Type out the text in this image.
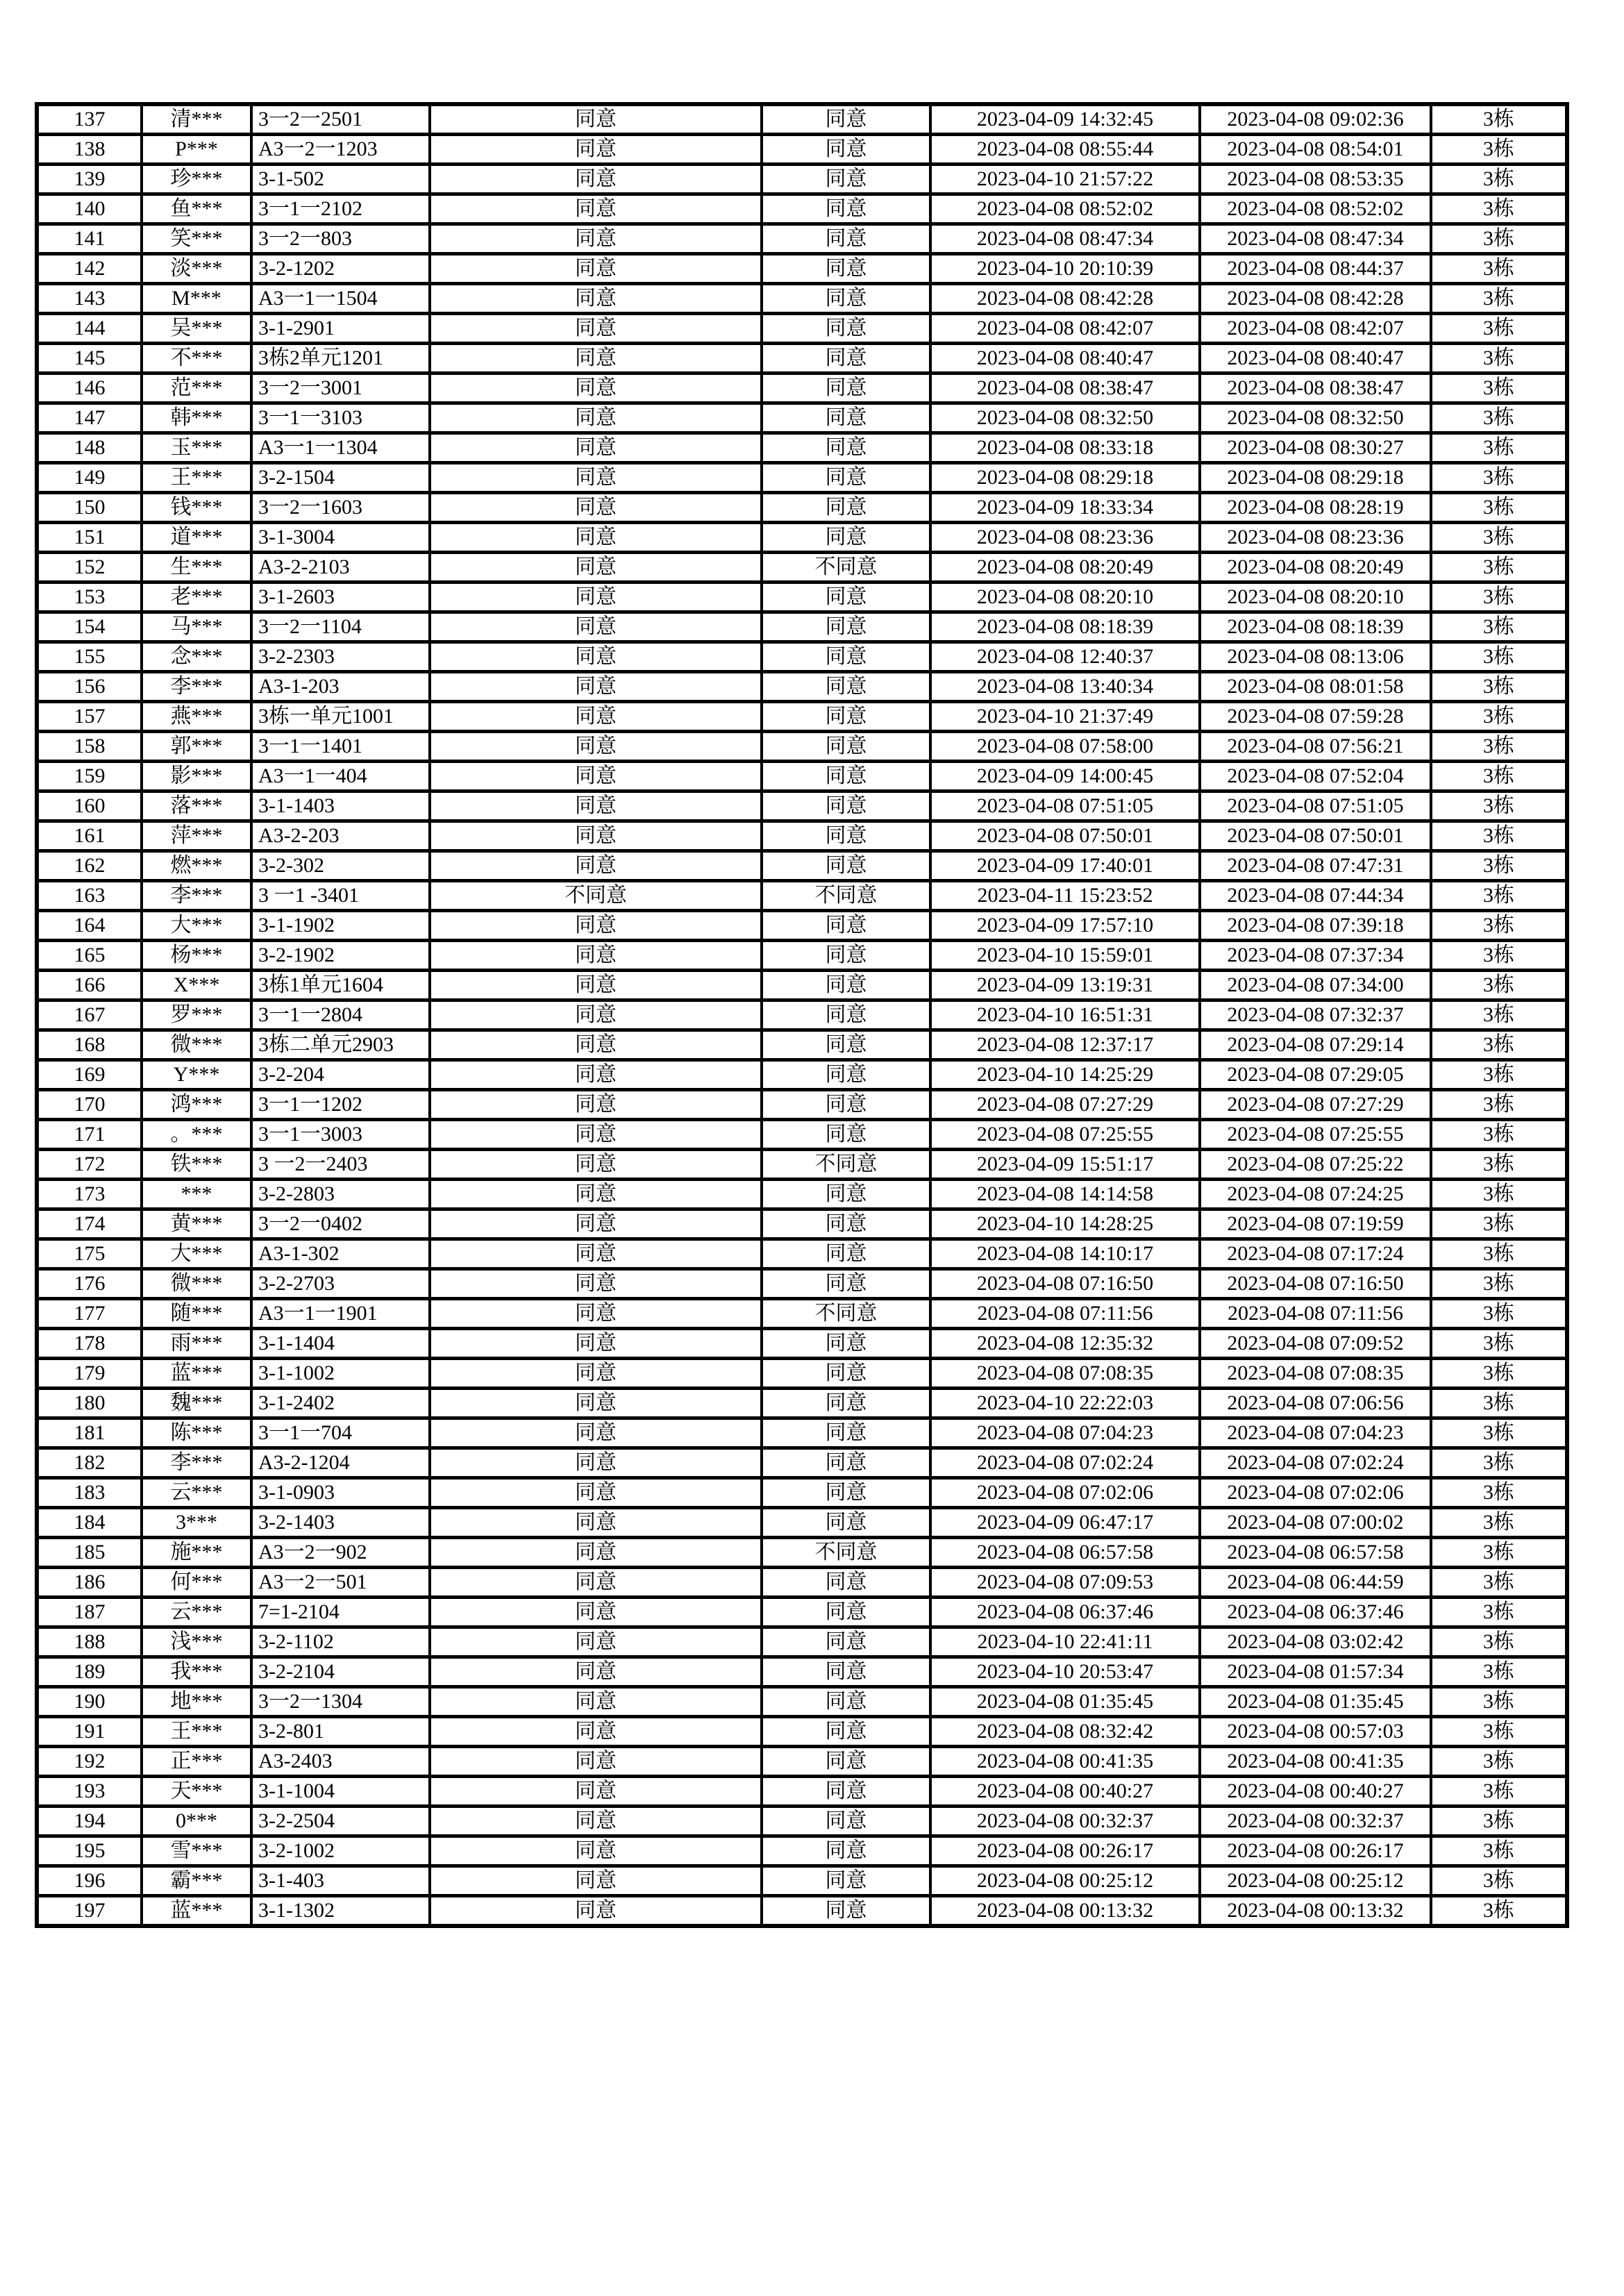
137	清***	3一2一2501	同意	同意	2023-04-09 14:32:45	2023-04-08 09:02:36	3栋
138	P***	A3一2一1203	同意	同意	2023-04-08 08:55:44	2023-04-08 08:54:01	3栋
139	珍***	3-1-502	同意	同意	2023-04-10 21:57:22	2023-04-08 08:53:35	3栋
140	鱼***	3一1一2102	同意	同意	2023-04-08 08:52:02	2023-04-08 08:52:02	3栋
141	笑***	3一2一803	同意	同意	2023-04-08 08:47:34	2023-04-08 08:47:34	3栋
142	淡***	3-2-1202	同意	同意	2023-04-10 20:10:39	2023-04-08 08:44:37	3栋
143	M***	A3一1一1504	同意	同意	2023-04-08 08:42:28	2023-04-08 08:42:28	3栋
144	吴***	3-1-2901	同意	同意	2023-04-08 08:42:07	2023-04-08 08:42:07	3栋
145	不***	3栋2单元1201	同意	同意	2023-04-08 08:40:47	2023-04-08 08:40:47	3栋
146	范***	3一2一3001	同意	同意	2023-04-08 08:38:47	2023-04-08 08:38:47	3栋
147	韩***	3一1一3103	同意	同意	2023-04-08 08:32:50	2023-04-08 08:32:50	3栋
148	玉***	A3一1一1304	同意	同意	2023-04-08 08:33:18	2023-04-08 08:30:27	3栋
149	王***	3-2-1504	同意	同意	2023-04-08 08:29:18	2023-04-08 08:29:18	3栋
150	钱***	3一2一1603	同意	同意	2023-04-09 18:33:34	2023-04-08 08:28:19	3栋
151	道***	3-1-3004	同意	同意	2023-04-08 08:23:36	2023-04-08 08:23:36	3栋
152	生***	A3-2-2103	同意	不同意	2023-04-08 08:20:49	2023-04-08 08:20:49	3栋
153	老***	3-1-2603	同意	同意	2023-04-08 08:20:10	2023-04-08 08:20:10	3栋
154	马***	3一2一1104	同意	同意	2023-04-08 08:18:39	2023-04-08 08:18:39	3栋
155	念***	3-2-2303	同意	同意	2023-04-08 12:40:37	2023-04-08 08:13:06	3栋
156	李***	A3-1-203	同意	同意	2023-04-08 13:40:34	2023-04-08 08:01:58	3栋
157	燕***	3栋一单元1001	同意	同意	2023-04-10 21:37:49	2023-04-08 07:59:28	3栋
158	郭***	3一1一1401	同意	同意	2023-04-08 07:58:00	2023-04-08 07:56:21	3栋
159	影***	A3一1一404	同意	同意	2023-04-09 14:00:45	2023-04-08 07:52:04	3栋
160	落***	3-1-1403	同意	同意	2023-04-08 07:51:05	2023-04-08 07:51:05	3栋
161	萍***	A3-2-203	同意	同意	2023-04-08 07:50:01	2023-04-08 07:50:01	3栋
162	燃***	3-2-302	同意	同意	2023-04-09 17:40:01	2023-04-08 07:47:31	3栋
163	李***	3 一1 -3401	不同意	不同意	2023-04-11 15:23:52	2023-04-08 07:44:34	3栋
164	大***	3-1-1902	同意	同意	2023-04-09 17:57:10	2023-04-08 07:39:18	3栋
165	杨***	3-2-1902	同意	同意	2023-04-10 15:59:01	2023-04-08 07:37:34	3栋
166	X***	3栋1单元1604	同意	同意	2023-04-09 13:19:31	2023-04-08 07:34:00	3栋
167	罗***	3一1一2804	同意	同意	2023-04-10 16:51:31	2023-04-08 07:32:37	3栋
168	微***	3栋二单元2903	同意	同意	2023-04-08 12:37:17	2023-04-08 07:29:14	3栋
169	Y***	3-2-204	同意	同意	2023-04-10 14:25:29	2023-04-08 07:29:05	3栋
170	鸿***	3一1一1202	同意	同意	2023-04-08 07:27:29	2023-04-08 07:27:29	3栋
171	。***	3一1一3003	同意	同意	2023-04-08 07:25:55	2023-04-08 07:25:55	3栋
172	铁***	3 一2一2403	同意	不同意	2023-04-09 15:51:17	2023-04-08 07:25:22	3栋
173	***	3-2-2803	同意	同意	2023-04-08 14:14:58	2023-04-08 07:24:25	3栋
174	黄***	3一2一0402	同意	同意	2023-04-10 14:28:25	2023-04-08 07:19:59	3栋
175	大***	A3-1-302	同意	同意	2023-04-08 14:10:17	2023-04-08 07:17:24	3栋
176	微***	3-2-2703	同意	同意	2023-04-08 07:16:50	2023-04-08 07:16:50	3栋
177	随***	A3一1一1901	同意	不同意	2023-04-08 07:11:56	2023-04-08 07:11:56	3栋
178	雨***	3-1-1404	同意	同意	2023-04-08 12:35:32	2023-04-08 07:09:52	3栋
179	蓝***	3-1-1002	同意	同意	2023-04-08 07:08:35	2023-04-08 07:08:35	3栋
180	魏***	3-1-2402	同意	同意	2023-04-10 22:22:03	2023-04-08 07:06:56	3栋
181	陈***	3一1一704	同意	同意	2023-04-08 07:04:23	2023-04-08 07:04:23	3栋
182	李***	A3-2-1204	同意	同意	2023-04-08 07:02:24	2023-04-08 07:02:24	3栋
183	云***	3-1-0903	同意	同意	2023-04-08 07:02:06	2023-04-08 07:02:06	3栋
184	3***	3-2-1403	同意	同意	2023-04-09 06:47:17	2023-04-08 07:00:02	3栋
185	施***	A3一2一902	同意	不同意	2023-04-08 06:57:58	2023-04-08 06:57:58	3栋
186	何***	A3一2一501	同意	同意	2023-04-08 07:09:53	2023-04-08 06:44:59	3栋
187	云***	7=1-2104	同意	同意	2023-04-08 06:37:46	2023-04-08 06:37:46	3栋
188	浅***	3-2-1102	同意	同意	2023-04-10 22:41:11	2023-04-08 03:02:42	3栋
189	我***	3-2-2104	同意	同意	2023-04-10 20:53:47	2023-04-08 01:57:34	3栋
190	地***	3一2一1304	同意	同意	2023-04-08 01:35:45	2023-04-08 01:35:45	3栋
191	王***	3-2-801	同意	同意	2023-04-08 08:32:42	2023-04-08 00:57:03	3栋
192	正***	A3-2403	同意	同意	2023-04-08 00:41:35	2023-04-08 00:41:35	3栋
193	天***	3-1-1004	同意	同意	2023-04-08 00:40:27	2023-04-08 00:40:27	3栋
194	0***	3-2-2504	同意	同意	2023-04-08 00:32:37	2023-04-08 00:32:37	3栋
195	雪***	3-2-1002	同意	同意	2023-04-08 00:26:17	2023-04-08 00:26:17	3栋
196	霸***	3-1-403	同意	同意	2023-04-08 00:25:12	2023-04-08 00:25:12	3栋
197	蓝***	3-1-1302	同意	同意	2023-04-08 00:13:32	2023-04-08 00:13:32	3栋
